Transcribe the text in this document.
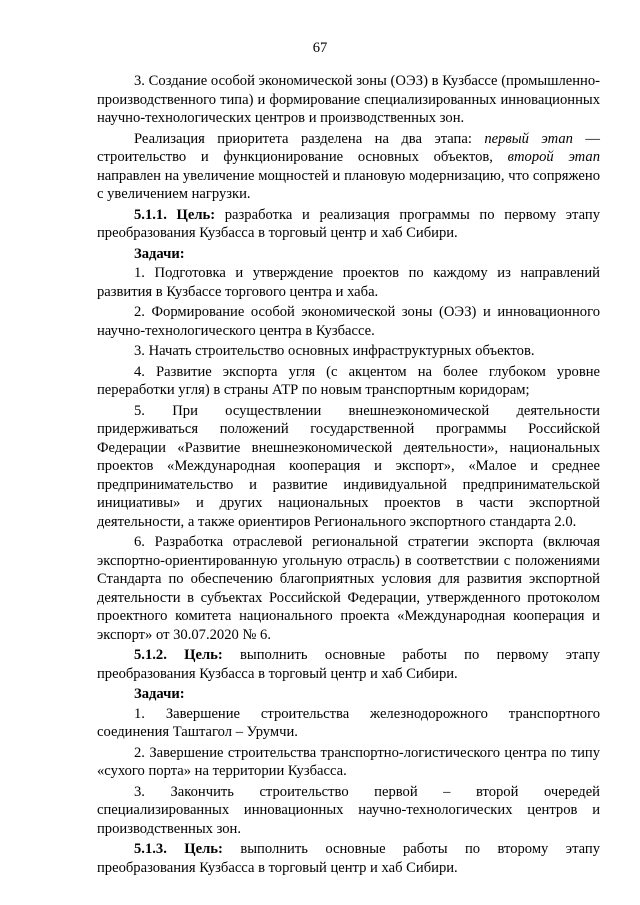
67

3. Создание особой экономической зоны (ОЭЗ) в Кузбассе (промышленно-производственного типа) и формирование специализированных инновационных научно-технологических центров и производственных зон.

Реализация приоритета разделена на два этапа: первый этап — строительство и функционирование основных объектов, второй этап направлен на увеличение мощностей и плановую модернизацию, что сопряжено с увеличением нагрузки.

5.1.1. Цель: разработка и реализация программы по первому этапу преобразования Кузбасса в торговый центр и хаб Сибири.

Задачи:

1. Подготовка и утверждение проектов по каждому из направлений развития в Кузбассе торгового центра и хаба.

2. Формирование особой экономической зоны (ОЭЗ) и инновационного научно-технологического центра в Кузбассе.

3. Начать строительство основных инфраструктурных объектов.

4. Развитие экспорта угля (с акцентом на более глубоком уровне переработки угля) в страны АТР по новым транспортным коридорам;

5. При осуществлении внешнеэкономической деятельности придерживаться положений государственной программы Российской Федерации «Развитие внешнеэкономической деятельности», национальных проектов «Международная кооперация и экспорт», «Малое и среднее предпринимательство и развитие индивидуальной предпринимательской инициативы» и других национальных проектов в части экспортной деятельности, а также ориентиров Регионального экспортного стандарта 2.0.

6. Разработка отраслевой региональной стратегии экспорта (включая экспортно-ориентированную угольную отрасль) в соответствии с положениями Стандарта по обеспечению благоприятных условия для развития экспортной деятельности в субъектах Российской Федерации, утвержденного протоколом проектного комитета национального проекта «Международная кооперация и экспорт» от 30.07.2020 № 6.

5.1.2. Цель: выполнить основные работы по первому этапу преобразования Кузбасса в торговый центр и хаб Сибири.

Задачи:

1. Завершение строительства железнодорожного транспортного соединения Таштагол – Урумчи.

2. Завершение строительства транспортно-логистического центра по типу «сухого порта» на территории Кузбасса.

3. Закончить строительство первой – второй очередей специализированных инновационных научно-технологических центров и производственных зон.

5.1.3. Цель: выполнить основные работы по второму этапу преобразования Кузбасса в торговый центр и хаб Сибири.
